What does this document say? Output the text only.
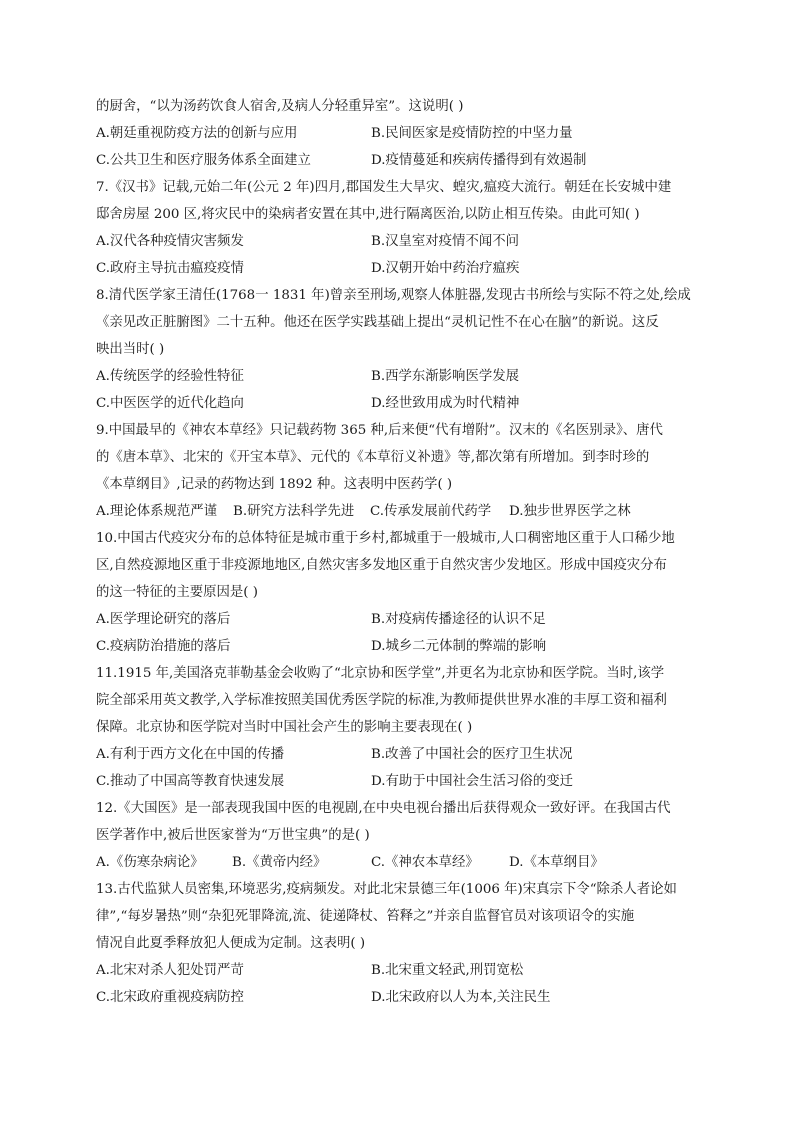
的厨舍，“以为汤药饮食人宿舍,及病人分轻重异室”。这说明( )
A.朝廷重视防疫方法的创新与应用	B.民间医家是疫情防控的中坚力量
C.公共卫生和医疗服务体系全面建立	D.疫情蔓延和疾病传播得到有效遏制
7.《汉书》记载,元始二年(公元 2 年)四月,郡国发生大旱灾、蝗灾,瘟疫大流行。朝廷在长安城中建
邸舍房屋 200 区,将灾民中的染病者安置在其中,进行隔离医治,以防止相互传染。由此可知( )
A.汉代各种疫情灾害频发	B.汉皇室对疫情不闻不问
C.政府主导抗击瘟疫疫情	D.汉朝开始中药治疗瘟疾
8.清代医学家王清任(1768一 1831 年)曾亲至刑场,观察人体脏器,发现古书所绘与实际不符之处,绘成
《亲见改正脏腑图》二十五种。他还在医学实践基础上提出“灵机记性不在心在脑”的新说。这反
映出当时( )
A.传统医学的经验性特征	B.西学东渐影响医学发展
C.中医医学的近代化趋向	D.经世致用成为时代精神
9.中国最早的《神农本草经》只记载药物 365 种,后来便“代有增附”。汉末的《名医别录》、唐代
的《唐本草》、北宋的《开宝本草》、元代的《本草衍义补遗》等,都次第有所增加。到李时珍的
《本草纲目》,记录的药物达到 1892 种。这表明中医药学( )
A.理论体系规范严谨 B.研究方法科学先进 C.传承发展前代药学 D.独步世界医学之林
10.中国古代疫灾分布的总体特征是城市重于乡村,都城重于一般城市,人口稠密地区重于人口稀少地
区,自然疫源地区重于非疫源地地区,自然灾害多发地区重于自然灾害少发地区。形成中国疫灾分布
的这一特征的主要原因是( )
A.医学理论研究的落后	B.对疫病传播途径的认识不足
C.疫病防治措施的落后	D.城乡二元体制的弊端的影响
11.1915 年,美国洛克菲勒基金会收购了“北京协和医学堂”,并更名为北京协和医学院。当时,该学
院全部采用英文教学,入学标准按照美国优秀医学院的标准,为教师提供世界水准的丰厚工资和福利
保障。北京协和医学院对当时中国社会产生的影响主要表现在( )
A.有利于西方文化在中国的传播	B.改善了中国社会的医疗卫生状况
C.推动了中国高等教育快速发展	D.有助于中国社会生活习俗的变迁
12.《大国医》是一部表现我国中医的电视剧,在中央电视台播出后获得观众一致好评。在我国古代
医学著作中,被后世医家誉为“万世宝典”的是( )
A.《伤寒杂病论》 B.《黄帝内经》	C.《神农本草经》 D.《本草纲目》
13.古代监狱人员密集,环境恶劣,疫病频发。对此北宋景德三年(1006 年)宋真宗下令“除杀人者论如
律”,“每岁暑热”则“杂犯死罪降流,流、徒递降杖、笞释之”并亲自监督官员对该项诏令的实施
情况自此夏季释放犯人便成为定制。这表明( )
A.北宋对杀人犯处罚严苛	B.北宋重文轻武,刑罚宽松
C.北宋政府重视疫病防控	D.北宋政府以人为本,关注民生
